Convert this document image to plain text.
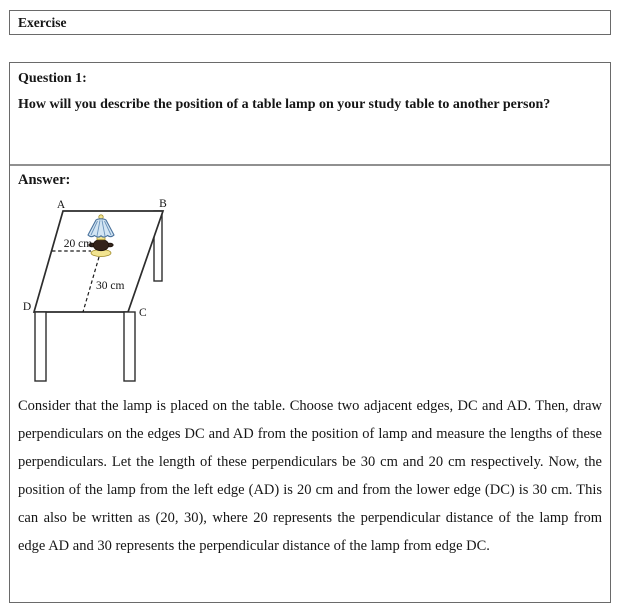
Exercise
Question 1:
How will you describe the position of a table lamp on your study table to another person?
Answer:
A	B
C
D
20 cm
30 cm

Consider that the lamp is placed on the table. Choose two adjacent edges, DC and AD. Then, draw perpendiculars on the edges DC and AD from the position of lamp and measure the lengths of these perpendiculars. Let the length of these perpendiculars be 30 cm and 20 cm respectively. Now, the position of the lamp from the left edge (AD) is 20 cm and from the lower edge (DC) is 30 cm. This can also be written as (20, 30), where 20 represents the perpendicular distance of the lamp from edge AD and 30 represents the perpendicular distance of the lamp from edge DC.
